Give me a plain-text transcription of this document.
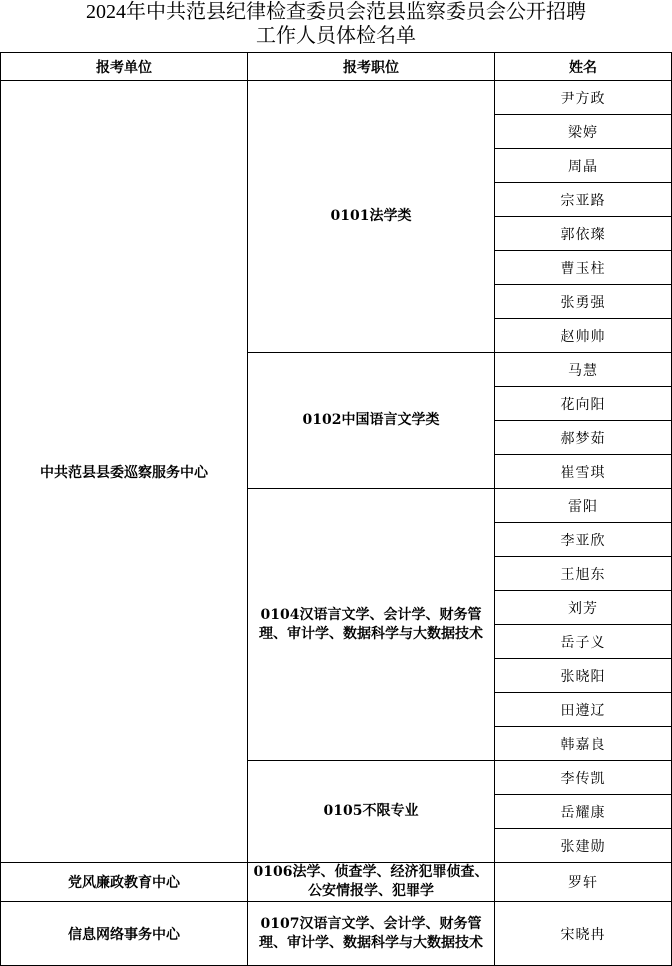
2024年中共范县纪律检查委员会范县监察委员会公开招聘
工作人员体检名单
报考单位	报考职位	姓名
中共范县县委巡察服务中心	0101法学类	尹方政
		梁婷
		周晶
		宗亚路
		郭依璨
		曹玉柱
		张勇强
		赵帅帅
	0102中国语言文学类	马慧
		花向阳
		郝梦茹
		崔雪琪
	0104汉语言文学、会计学、财务管理、审计学、数据科学与大数据技术	雷阳
		李亚欣
		王旭东
		刘芳
		岳子义
		张晓阳
		田遵辽
		韩嘉良
	0105不限专业	李传凯
		岳耀康
		张建勋
党风廉政教育中心	0106法学、侦查学、经济犯罪侦查、公安情报学、犯罪学	罗轩
信息网络事务中心	0107汉语言文学、会计学、财务管理、审计学、数据科学与大数据技术	宋晓冉
